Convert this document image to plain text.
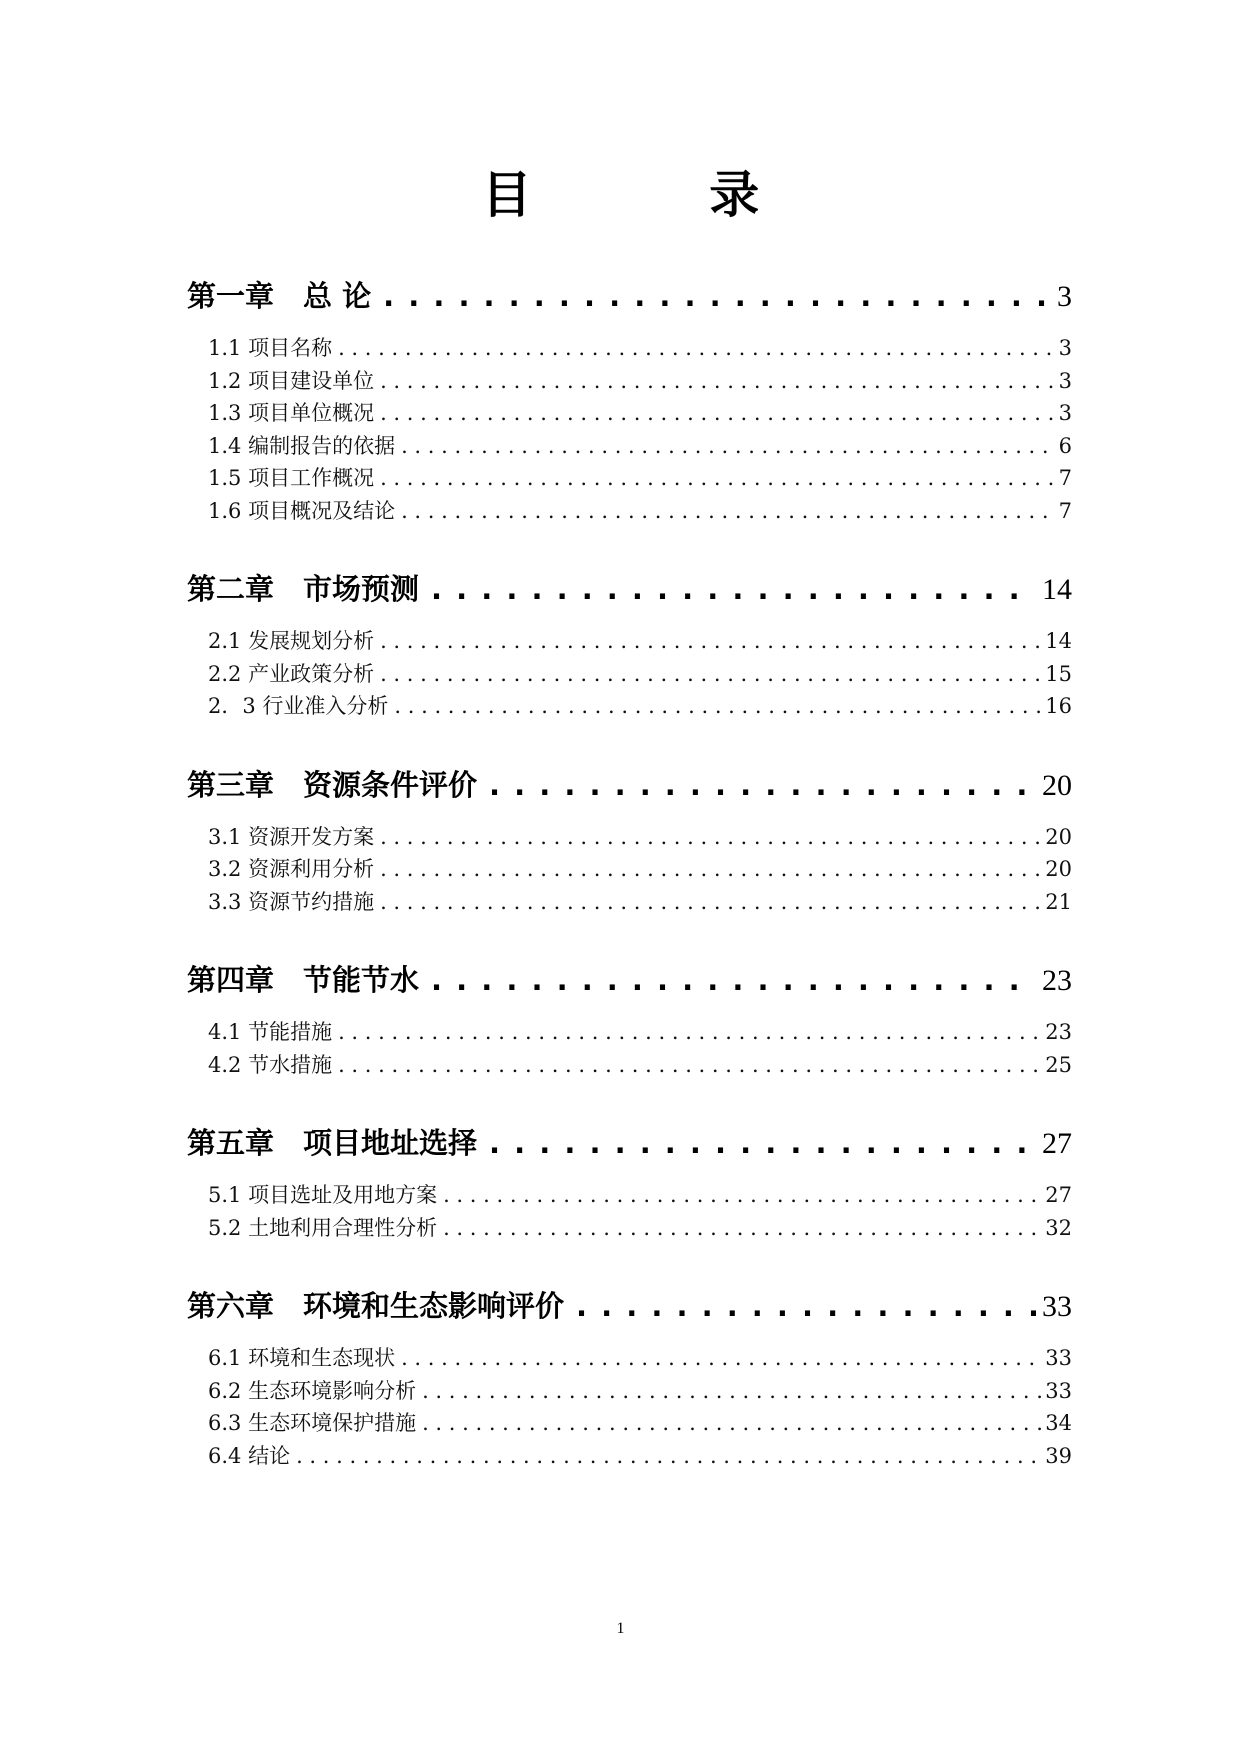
目 录
第一章　总 论 . . .	3
1.1 项目名称 . . .	3
1.2 项目建设单位 . . .	3
1.3 项目单位概况 . . .	3
1.4 编制报告的依据 . . .	6
1.5 项目工作概况 . . .	7
1.6 项目概况及结论 . . .	7
第二章　市场预测 . . .	14
2.1 发展规划分析 . . .	14
2.2 产业政策分析 . . .	15
2．3 行业准入分析 . . .	16
第三章　资源条件评价 . . .	20
3.1 资源开发方案 . . .	20
3.2 资源利用分析 . . .	20
3.3 资源节约措施 . . .	21
第四章　节能节水 . . .	23
4.1 节能措施 . . .	23
4.2 节水措施 . . .	25
第五章　项目地址选择 . . .	27
5.1 项目选址及用地方案 . . .	27
5.2 土地利用合理性分析 . . .	32
第六章　环境和生态影响评价 . . .	33
6.1 环境和生态现状 . . .	33
6.2 生态环境影响分析 . . .	33
6.3 生态环境保护措施 . . .	34
6.4 结论 . . .	39
1
